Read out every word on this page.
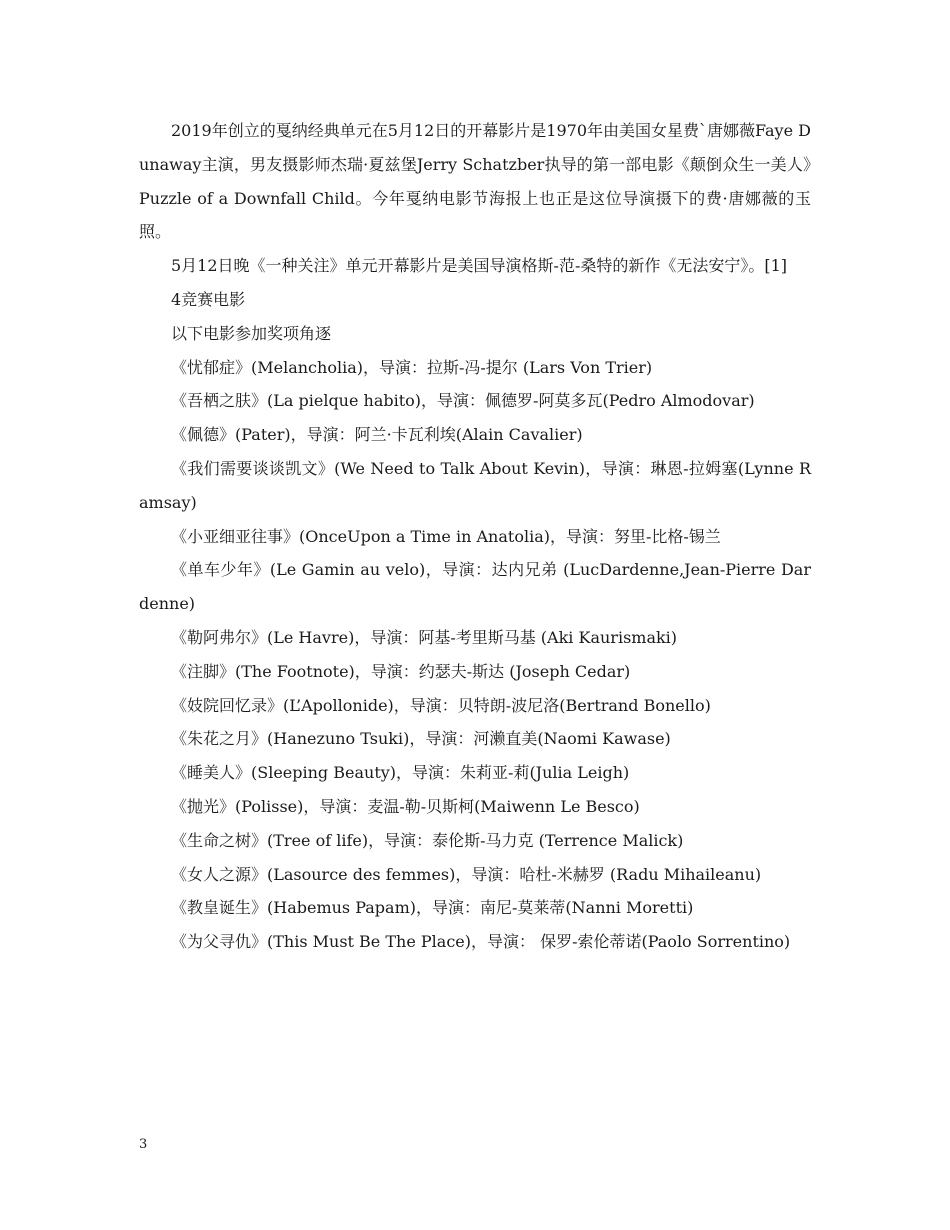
2019年创立的戛纳经典单元在5月12日的开幕影片是1970年由美国女星费`唐娜薇Faye Dunaway主演，男友摄影师杰瑞·夏兹堡Jerry Schatzber执导的第一部电影《颠倒众生一美人》Puzzle of a Downfall Child。今年戛纳电影节海报上也正是这位导演摄下的费·唐娜薇的玉照。

5月12日晚《一种关注》单元开幕影片是美国导演格斯-范-桑特的新作《无法安宁》。[1]

4竞赛电影

以下电影参加奖项角逐

《忧郁症》(Melancholia)，导演：拉斯-冯-提尔 (Lars Von Trier)

《吾栖之肤》(La pielque habito)，导演：佩德罗-阿莫多瓦(Pedro Almodovar)

《佩德》(Pater)，导演：阿兰·卡瓦利埃(Alain Cavalier)

《我们需要谈谈凯文》(We Need to Talk About Kevin)，导演：琳恩-拉姆塞(Lynne Ramsay)

《小亚细亚往事》(OnceUpon a Time in Anatolia)，导演：努里-比格-锡兰

《单车少年》(Le Gamin au velo)，导演：达内兄弟 (LucDardenne,Jean-Pierre Dardenne)

《勒阿弗尔》(Le Havre)，导演：阿基-考里斯马基 (Aki Kaurismaki)

《注脚》(The Footnote)，导演：约瑟夫-斯达 (Joseph Cedar)

《妓院回忆录》(L’Apollonide)，导演：贝特朗-波尼洛(Bertrand Bonello)

《朱花之月》(Hanezuno Tsuki)，导演：河濑直美(Naomi Kawase)

《睡美人》(Sleeping Beauty)，导演：朱莉亚-莉(Julia Leigh)

《抛光》(Polisse)，导演：麦温-勒-贝斯柯(Maiwenn Le Besco)

《生命之树》(Tree of life)，导演：泰伦斯-马力克 (Terrence Malick)

《女人之源》(Lasource des femmes)，导演：哈杜-米赫罗 (Radu Mihaileanu)

《教皇诞生》(Habemus Papam)，导演：南尼-莫莱蒂(Nanni Moretti)

《为父寻仇》(This Must Be The Place)，导演： 保罗-索伦蒂诺(Paolo Sorrentino)

3
